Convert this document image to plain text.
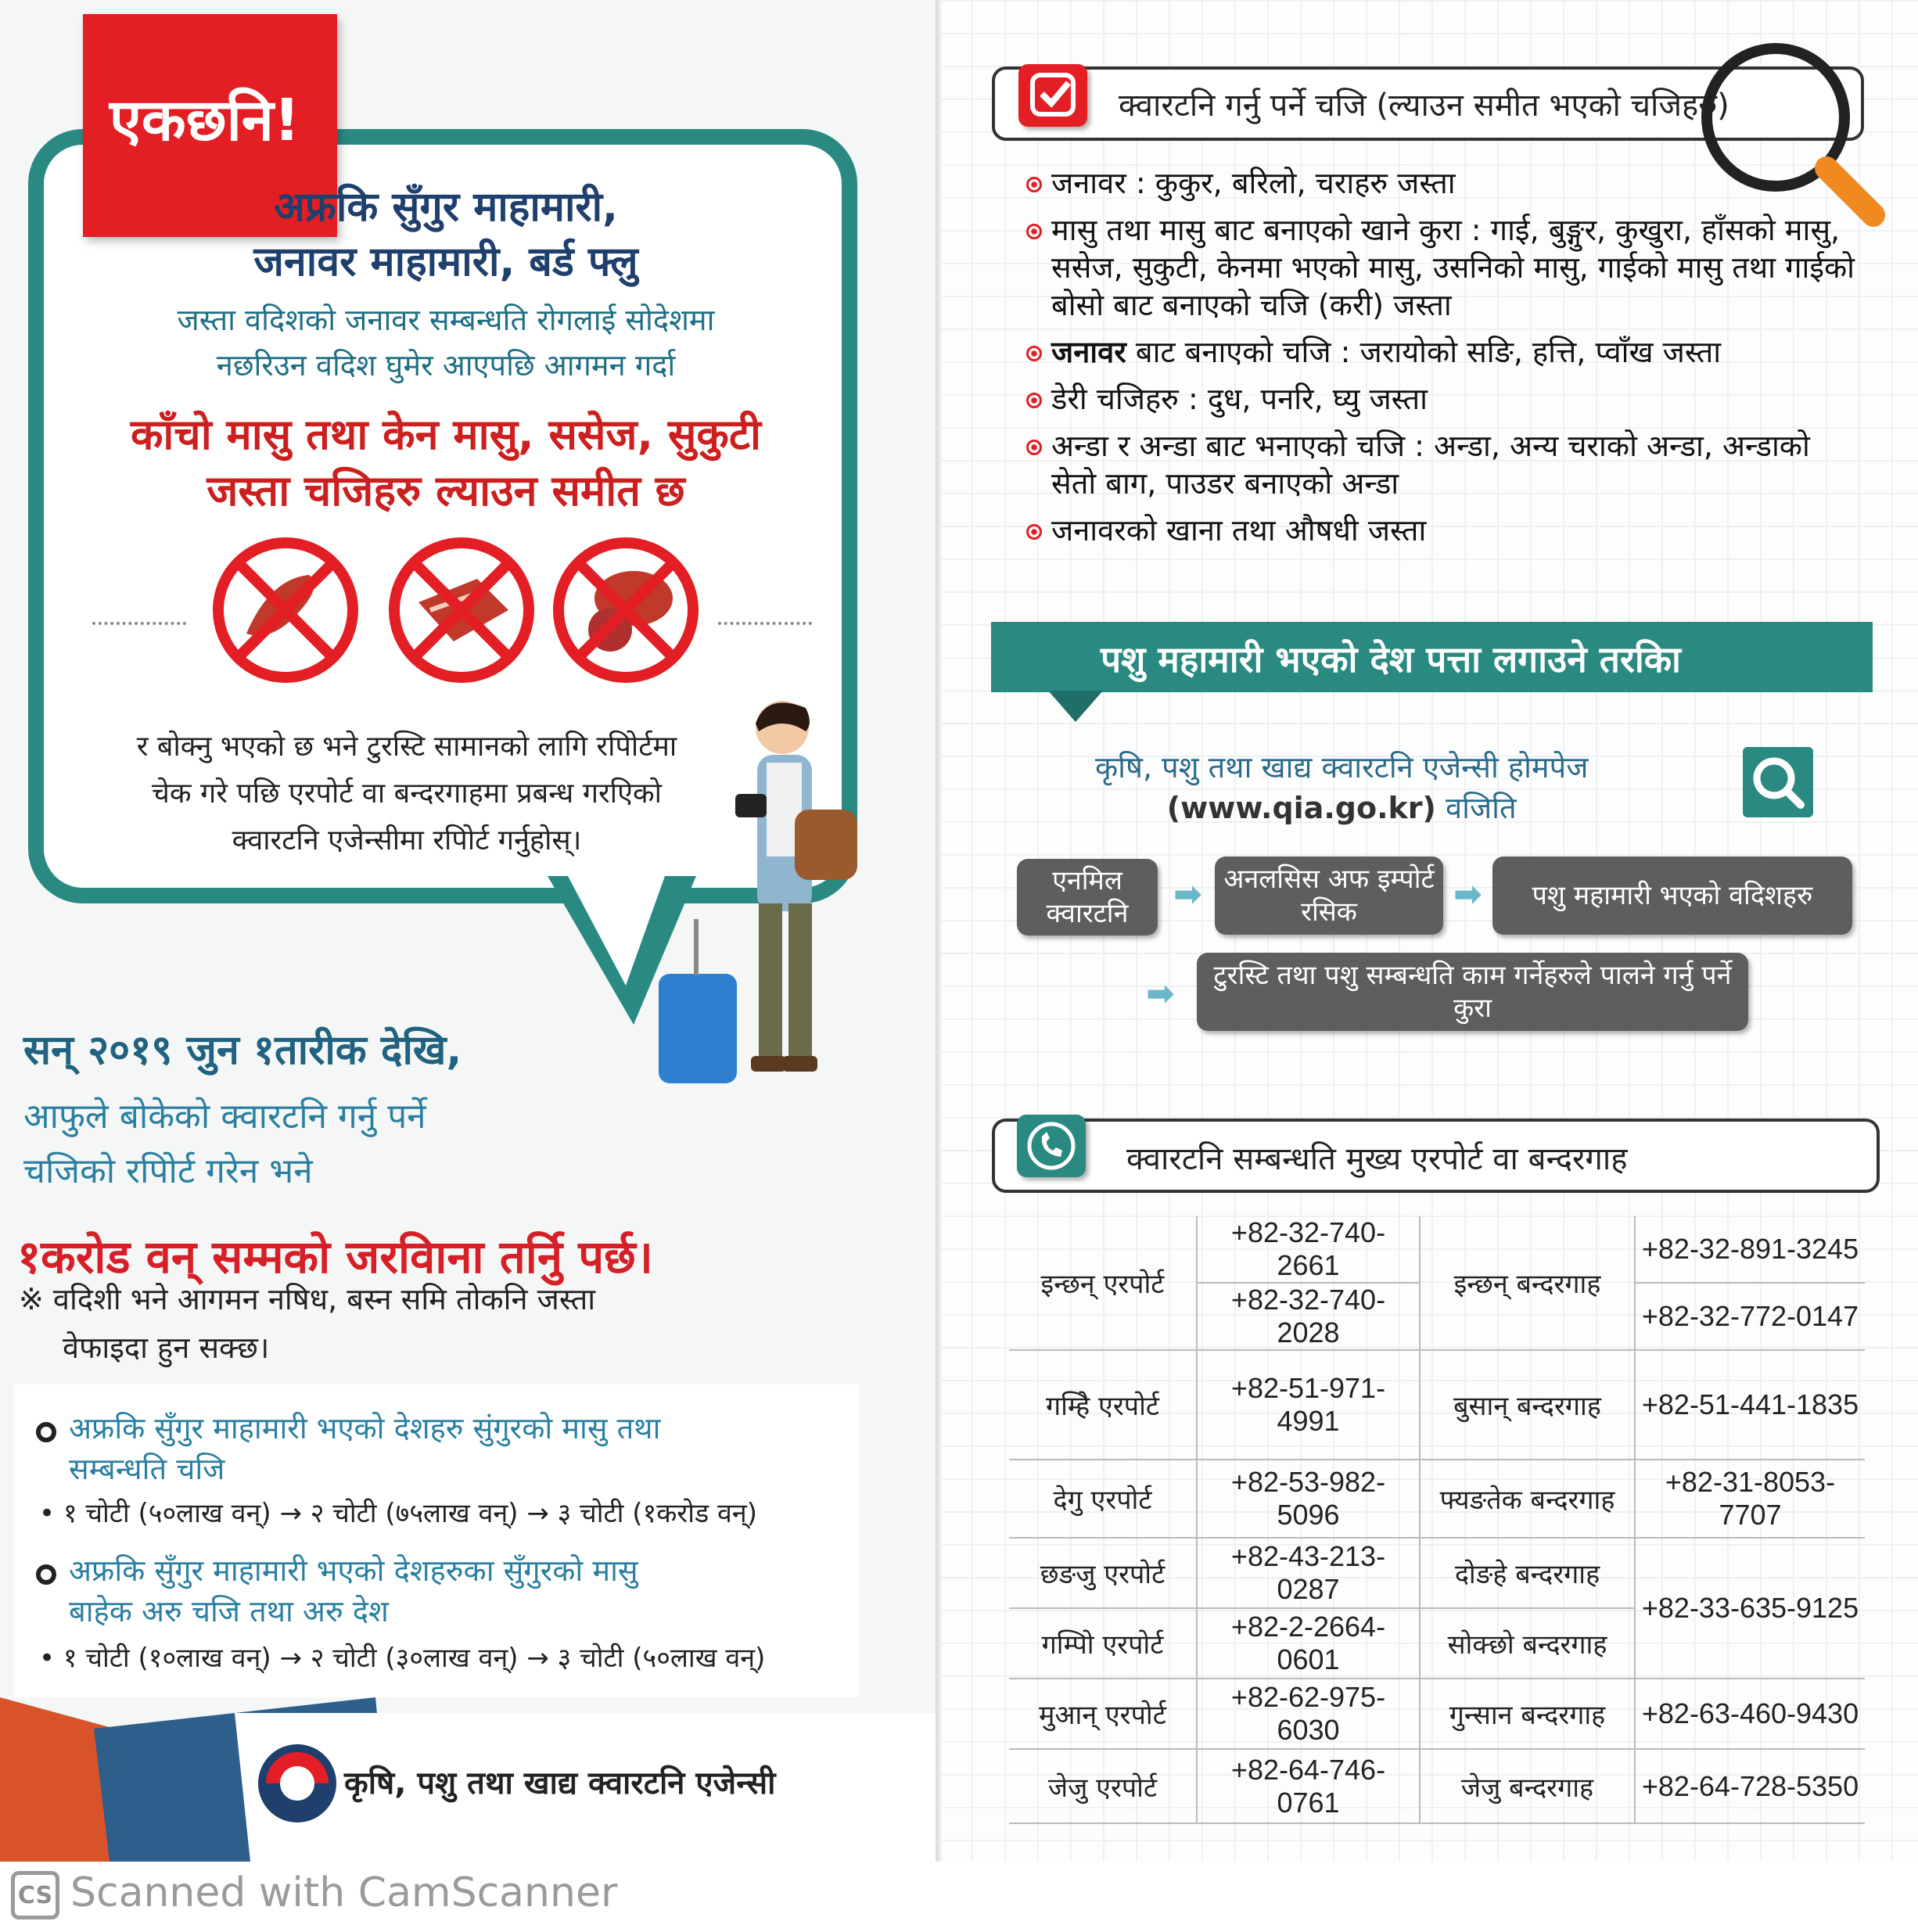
एकछनि!
अफ्रकि सुँगुर माहामारी,
जनावर माहामारी, बर्ड फ्लु
जस्ता वदिशको जनावर सम्बन्धति रोगलाई सोदेशमा
नछरिउन वदिश घुमेर आएपछि आगमन गर्दा
काँचो मासु तथा केन मासु, ससेज, सुकुटी
जस्ता चजिहरु ल्याउन समीत छ
र बोक्नु भएको छ भने टुरस्टि सामानको लागि रपिोर्टमा
चेक गरे पछि एरपोर्ट वा बन्दरगाहमा प्रबन्ध गरएिको
क्वारटनि एजेन्सीमा रपिोर्ट गर्नुहोस्।
सन् २०१९ जुन १तारीक देखि,
आफुले बोकेको क्वारटनि गर्नु पर्ने
चजिको रपिोर्ट गरेन भने
१करोड वन् सम्मको जरविाना तर्नुि पर्छ।
※ वदिशी भने आगमन नषिध, बस्न समि तोकनि जस्ता
वेफाइदा हुन सक्छ।
अफ्रकि सुँगुर माहामारी भएको देशहरु सुंगुरको मासु तथा
सम्बन्धति चजि
• १ चोटी (५०लाख वन्) → २ चोटी (७५लाख वन्) → ३ चोटी (१करोड वन्)
अफ्रकि सुँगुर माहामारी भएको देशहरुका सुँगुरको मासु
बाहेक अरु चजि तथा अरु देश
• १ चोटी (१०लाख वन्) → २ चोटी (३०लाख वन्) → ३ चोटी (५०लाख वन्)
कृषि, पशु तथा खाद्य क्वारटनि एजेन्सी
क्वारटनि गर्नु पर्ने चजि (ल्याउन समीत भएको चजिहरु)
जनावर : कुकुर, बरिलो, चराहरु जस्ता
मासु तथा मासु बाट बनाएको खाने कुरा : गाई, बुङ्गुर, कुखुरा, हाँसको मासु, ससेज, सुकुटी, केनमा भएको मासु, उसनिको मासु, गाईको मासु तथा गाईको बोसो बाट बनाएको चजि (करी) जस्ता
जनावर बाट बनाएको चजि : जरायोको सङि, हत्ति, प्वाँख जस्ता
डेरी चजिहरु : दुध, पनरि, घ्यु जस्ता
अन्डा र अन्डा बाट भनाएको चजि : अन्डा, अन्य चराको अन्डा, अन्डाको सेतो बाग, पाउडर बनाएको अन्डा
जनावरको खाना तथा औषधी जस्ता
पशु महामारी भएको देश पत्ता लगाउने तरकिा
कृषि, पशु तथा खाद्य क्वारटनि एजेन्सी होमपेज
(www.qia.go.kr) वजिति
एनमिल क्वारटनि	➡ अनलसिस अफ इम्पोर्ट रसिक	➡	पशु महामारी भएको वदिशहरु
➡	टुरस्टि तथा पशु सम्बन्धति काम गर्नेहरुले पालने गर्नु पर्ने कुरा
क्वारटनि सम्बन्धति मुख्य एरपोर्ट वा बन्दरगाह
इन्छन् एरपोर्ट	+82-32-740-2661	इन्छन् बन्दरगाह	+82-32-891-3245
	+82-32-740-2028		+82-32-772-0147
गम्हिे एरपोर्ट	+82-51-971-4991	बुसान् बन्दरगाह	+82-51-441-1835
देगु एरपोर्ट	+82-53-982-5096	फ्यङतेक बन्दरगाह	+82-31-8053-7707
छङजु एरपोर्ट	+82-43-213-0287	दोङहे बन्दरगाह	+82-33-635-9125
गम्पिो एरपोर्ट	+82-2-2664-0601	सोक्छो बन्दरगाह	
मुआन् एरपोर्ट	+82-62-975-6030	गुन्सान बन्दरगाह	+82-63-460-9430
जेजु एरपोर्ट	+82-64-746-0761	जेजु बन्दरगाह	+82-64-728-5350
CS Scanned with CamScanner
